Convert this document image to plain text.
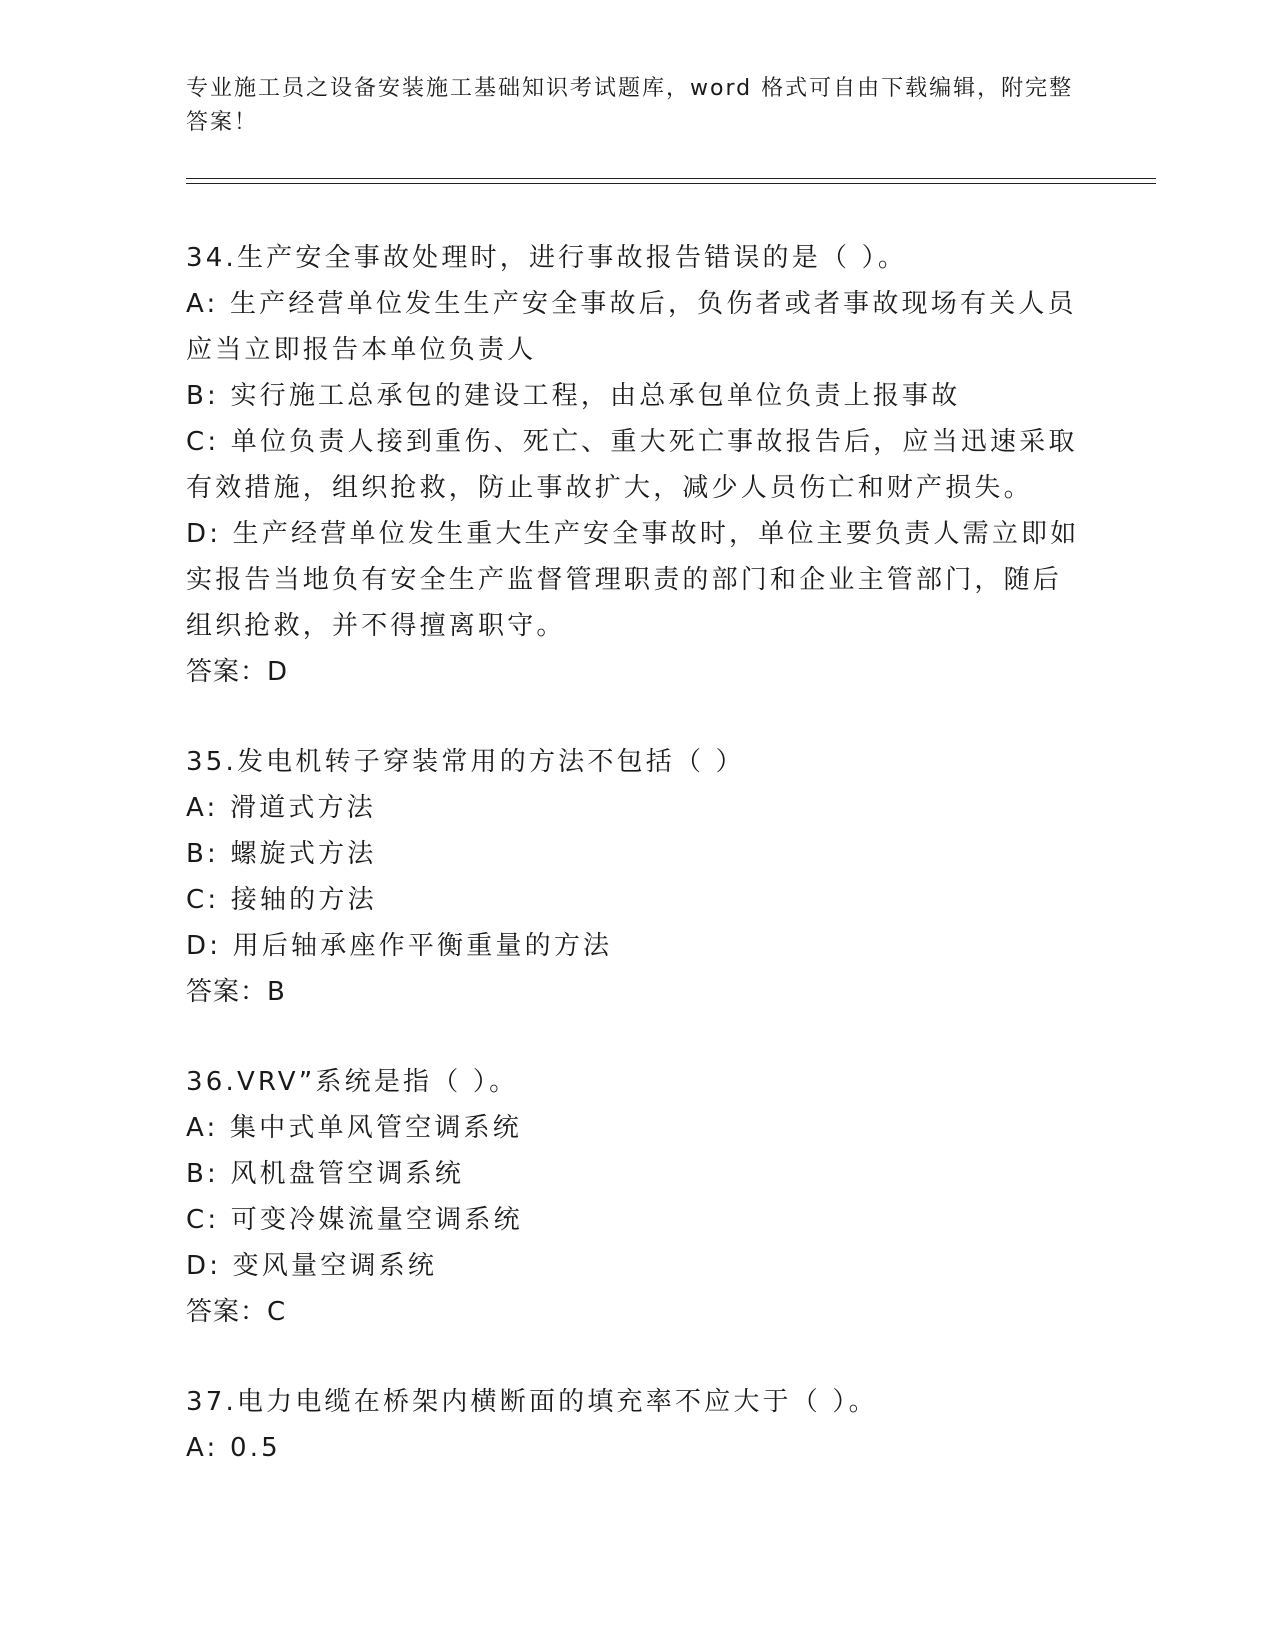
专业施工员之设备安装施工基础知识考试题库，word 格式可自由下载编辑，附完整答案！
34.生产安全事故处理时，进行事故报告错误的是（ ）。
A: 生产经营单位发生生产安全事故后，负伤者或者事故现场有关人员应当立即报告本单位负责人
B: 实行施工总承包的建设工程，由总承包单位负责上报事故
C: 单位负责人接到重伤、死亡、重大死亡事故报告后，应当迅速采取有效措施，组织抢救，防止事故扩大，减少人员伤亡和财产损失。
D: 生产经营单位发生重大生产安全事故时，单位主要负责人需立即如实报告当地负有安全生产监督管理职责的部门和企业主管部门，随后组织抢救，并不得擅离职守。
答案：D
35.发电机转子穿装常用的方法不包括（ ）
A: 滑道式方法
B: 螺旋式方法
C: 接轴的方法
D: 用后轴承座作平衡重量的方法
答案：B
36.VRV”系统是指（ ）。
A: 集中式单风管空调系统
B: 风机盘管空调系统
C: 可变冷媒流量空调系统
D: 变风量空调系统
答案：C
37.电力电缆在桥架内横断面的填充率不应大于（ ）。
A: 0.5
